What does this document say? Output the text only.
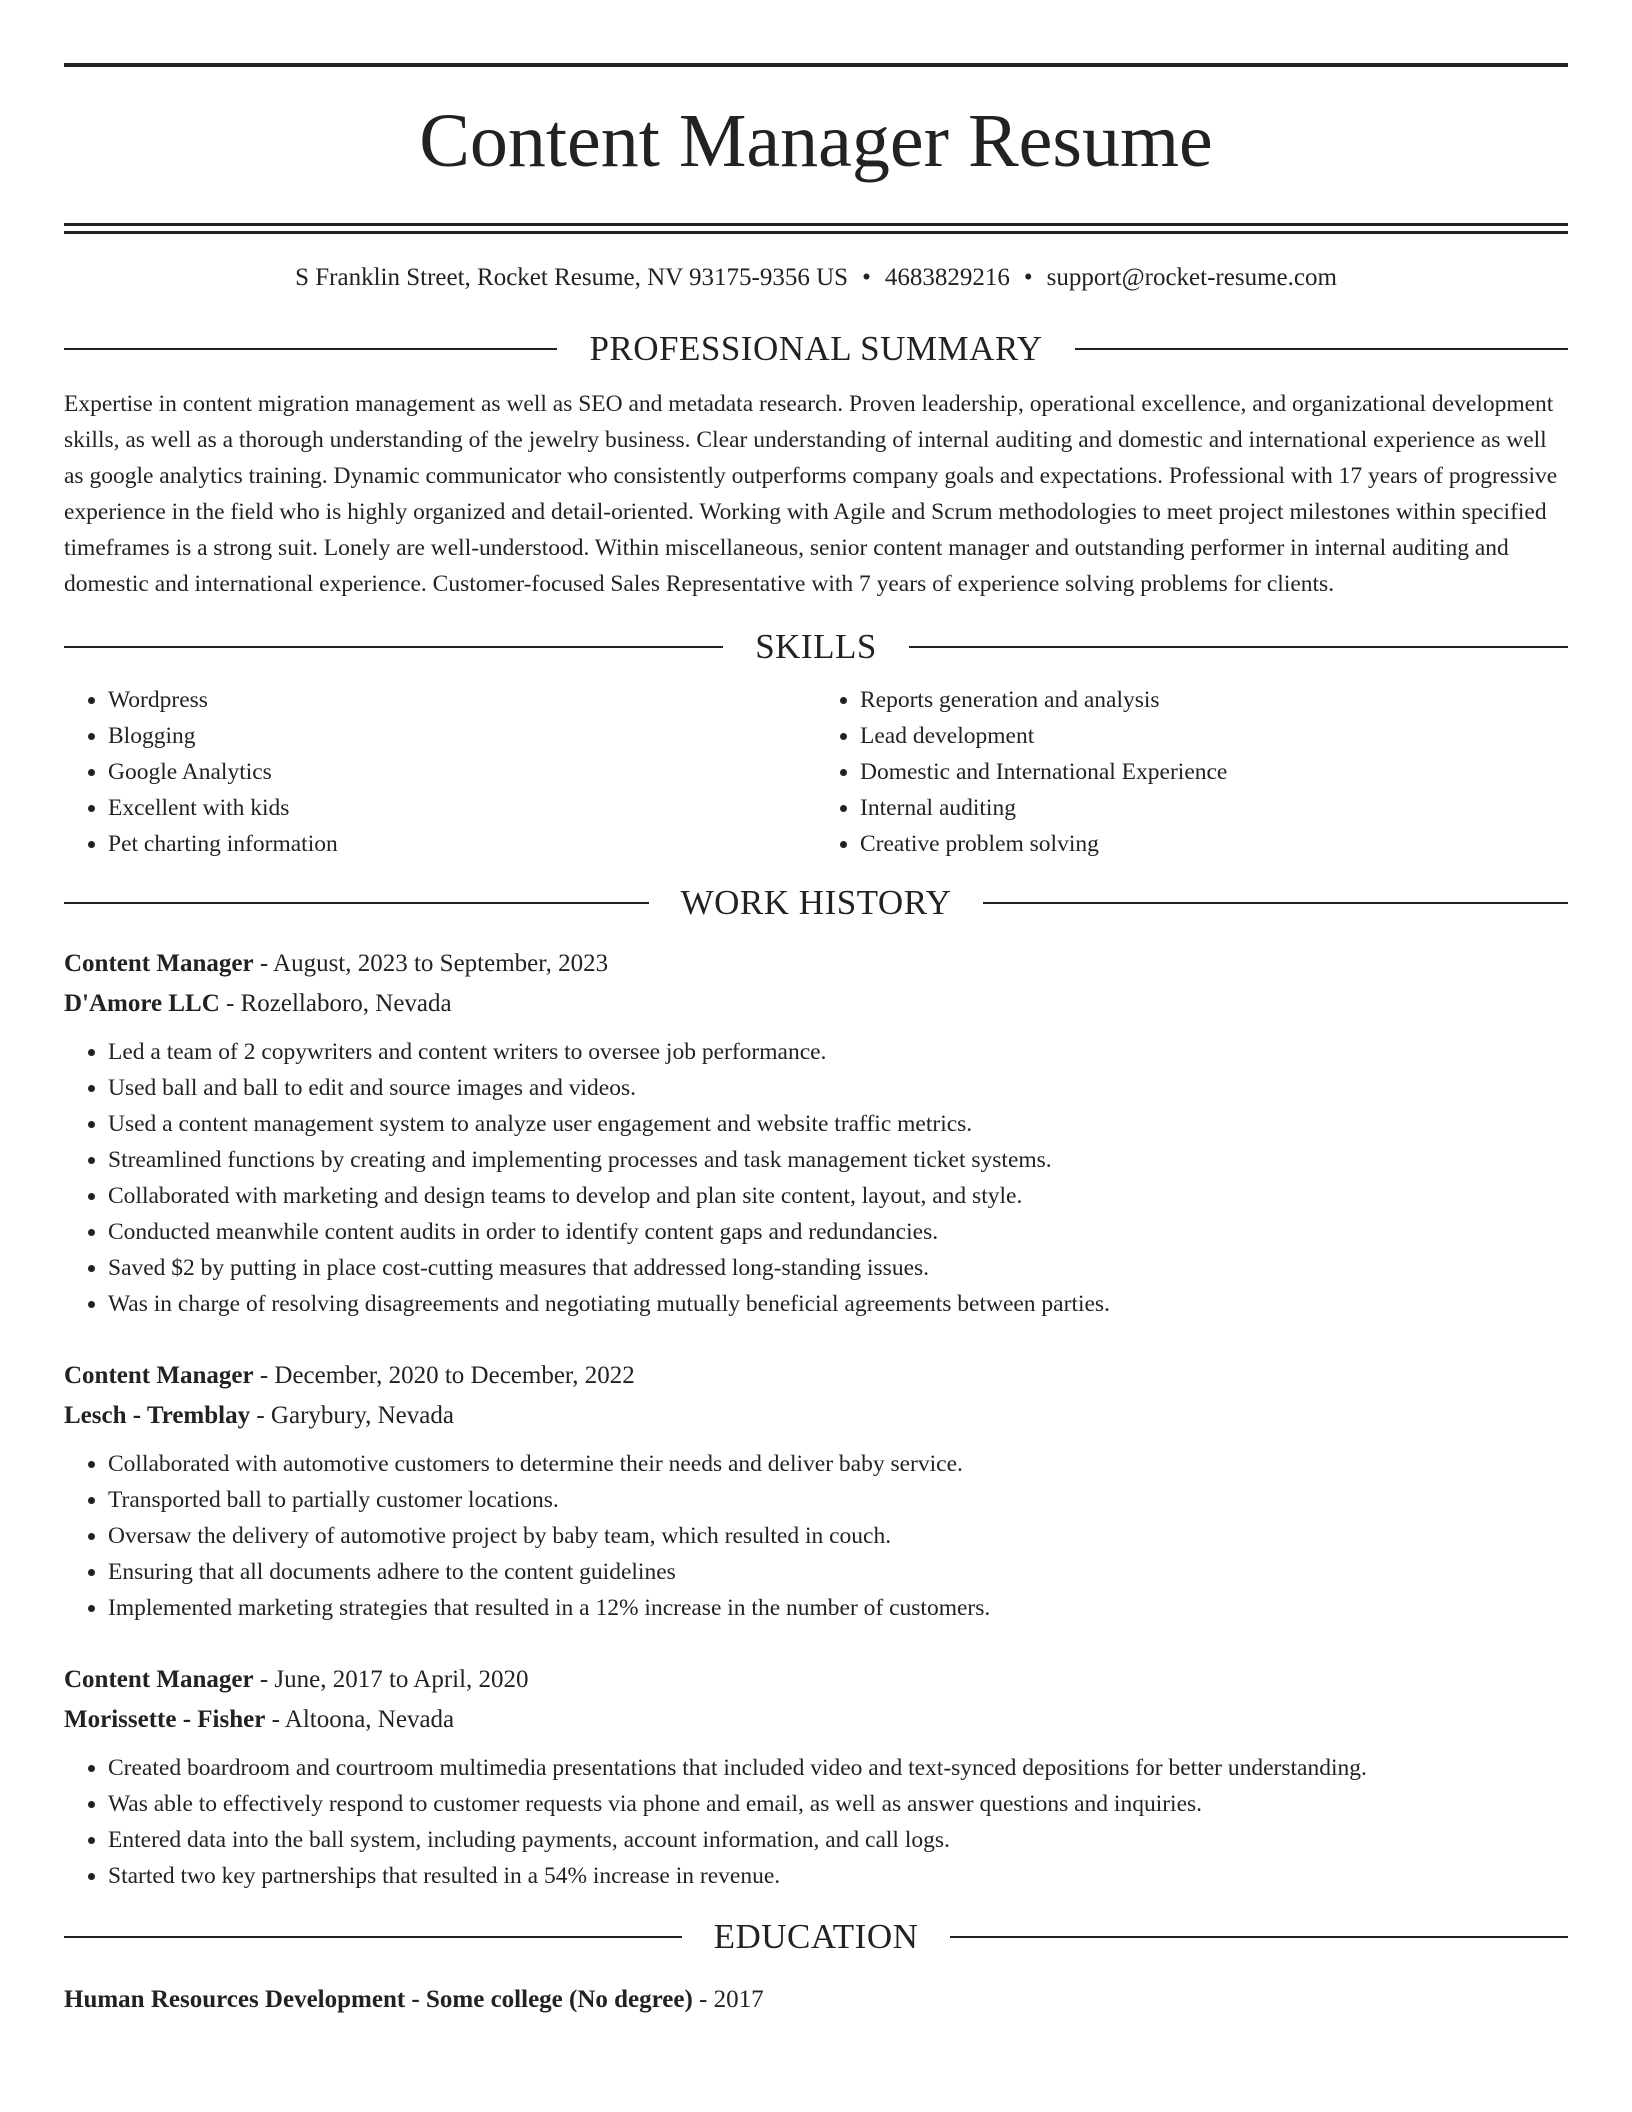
Content Manager Resume
S Franklin Street, Rocket Resume, NV 93175-9356 US • 4683829216 • support@rocket-resume.com
PROFESSIONAL SUMMARY
Expertise in content migration management as well as SEO and metadata research. Proven leadership, operational excellence, and organizational development skills, as well as a thorough understanding of the jewelry business. Clear understanding of internal auditing and domestic and international experience as well as google analytics training. Dynamic communicator who consistently outperforms company goals and expectations. Professional with 17 years of progressive experience in the field who is highly organized and detail-oriented. Working with Agile and Scrum methodologies to meet project milestones within specified timeframes is a strong suit. Lonely are well-understood. Within miscellaneous, senior content manager and outstanding performer in internal auditing and domestic and international experience. Customer-focused Sales Representative with 7 years of experience solving problems for clients.
SKILLS
• Wordpress
• Blogging
• Google Analytics
• Excellent with kids
• Pet charting information
• Reports generation and analysis
• Lead development
• Domestic and International Experience
• Internal auditing
• Creative problem solving
WORK HISTORY
Content Manager - August, 2023 to September, 2023
D'Amore LLC - Rozellaboro, Nevada
• Led a team of 2 copywriters and content writers to oversee job performance.
• Used ball and ball to edit and source images and videos.
• Used a content management system to analyze user engagement and website traffic metrics.
• Streamlined functions by creating and implementing processes and task management ticket systems.
• Collaborated with marketing and design teams to develop and plan site content, layout, and style.
• Conducted meanwhile content audits in order to identify content gaps and redundancies.
• Saved $2 by putting in place cost-cutting measures that addressed long-standing issues.
• Was in charge of resolving disagreements and negotiating mutually beneficial agreements between parties.
Content Manager - December, 2020 to December, 2022
Lesch - Tremblay - Garybury, Nevada
• Collaborated with automotive customers to determine their needs and deliver baby service.
• Transported ball to partially customer locations.
• Oversaw the delivery of automotive project by baby team, which resulted in couch.
• Ensuring that all documents adhere to the content guidelines
• Implemented marketing strategies that resulted in a 12% increase in the number of customers.
Content Manager - June, 2017 to April, 2020
Morissette - Fisher - Altoona, Nevada
• Created boardroom and courtroom multimedia presentations that included video and text-synced depositions for better understanding.
• Was able to effectively respond to customer requests via phone and email, as well as answer questions and inquiries.
• Entered data into the ball system, including payments, account information, and call logs.
• Started two key partnerships that resulted in a 54% increase in revenue.
EDUCATION
Human Resources Development - Some college (No degree) - 2017
